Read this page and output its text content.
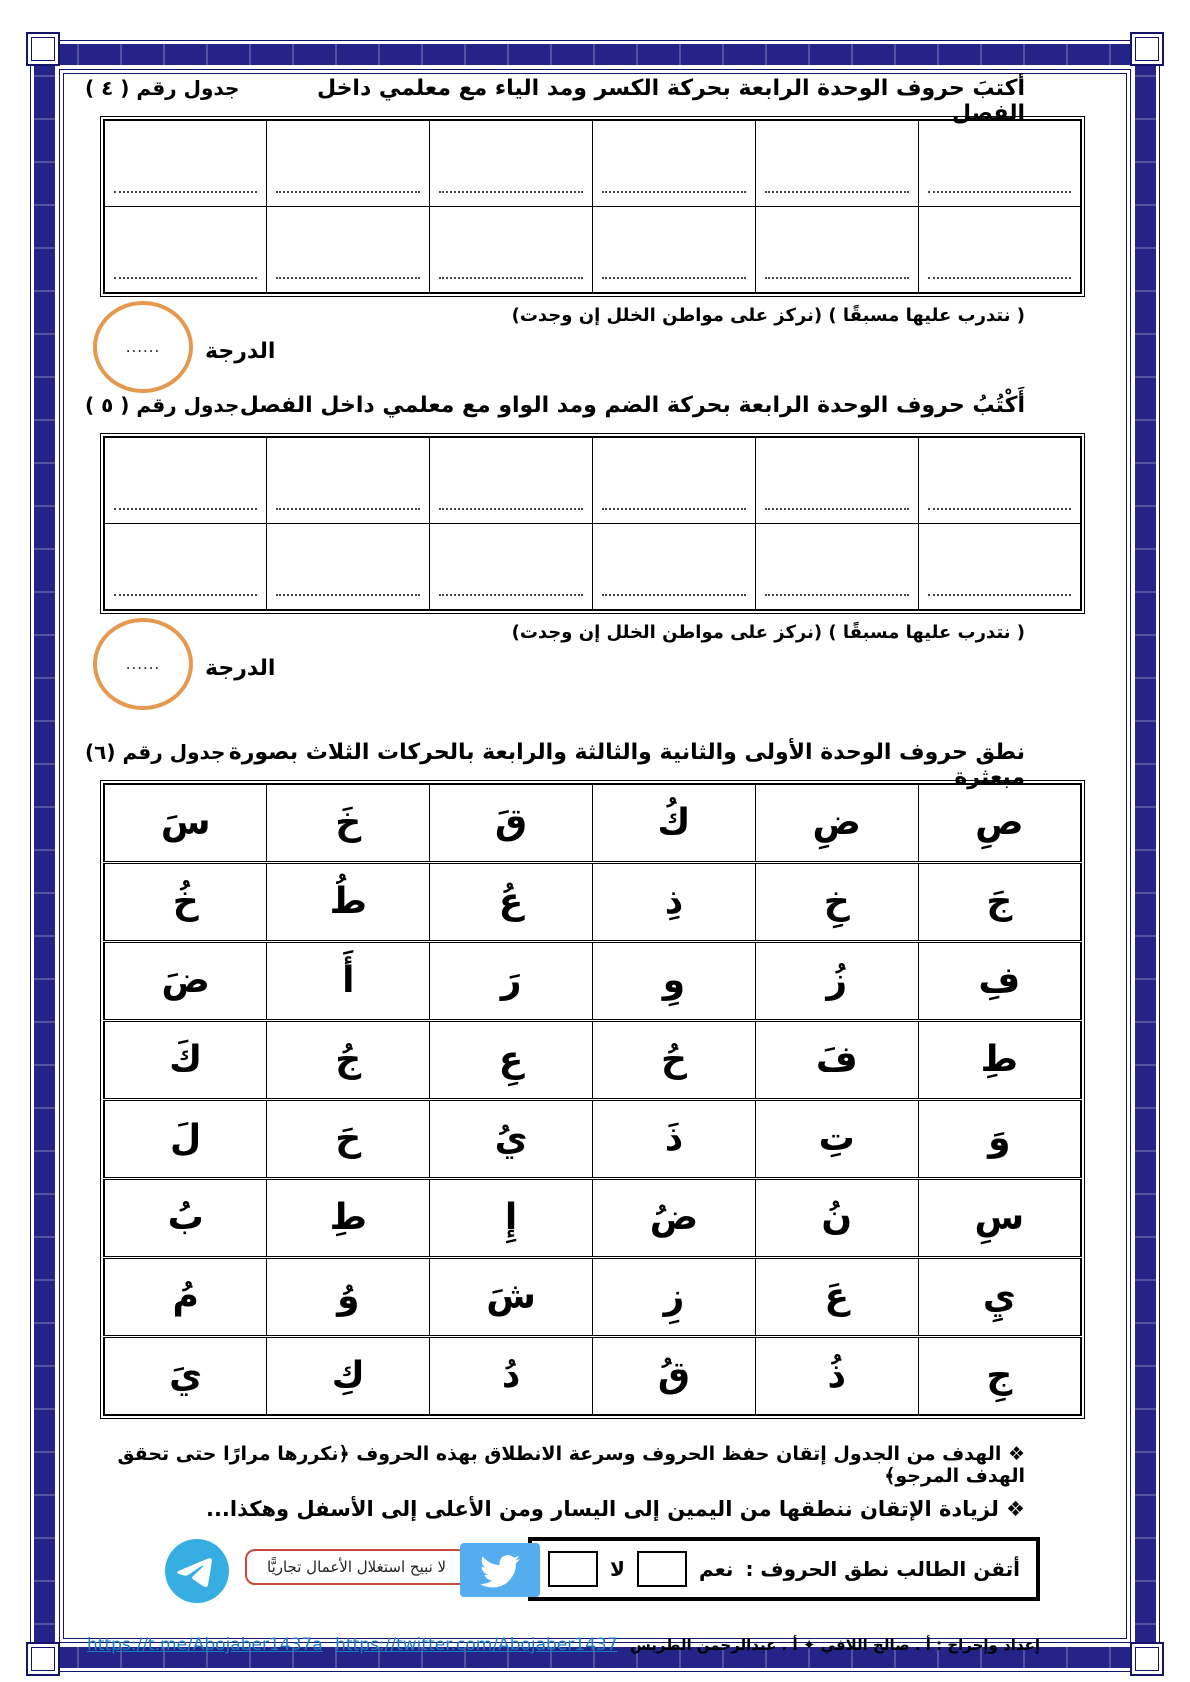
أكتبَ حروف الوحدة الرابعة بحركة الكسر ومد الياء مع معلمي داخل الفصل
جدول رقم ( ٤ )

( نتدرب عليها مسبقًا ) (نركز على مواطن الخلل إن وجدت)
...... الدرجة
أَكْتُبُ حروف الوحدة الرابعة بحركة الضم ومد الواو مع معلمي داخل الفصل
جدول رقم ( ٥ )

( نتدرب عليها مسبقًا ) (نركز على مواطن الخلل إن وجدت)
...... الدرجة
نطق حروف الوحدة الأولى والثانية والثالثة والرابعة بالحركات الثلاث بصورة مبعثرة
جدول رقم (٦)
صِ	ضِ	كُ	قَ	خَ	سَ
جَ	خِ	ذِ	عُ	طُ	خُ
فِ	زُ	وِ	رَ	أَ	ضَ
طِ	فَ	حُ	عِ	جُ	كَ
وَ	تِ	ذَ	يُ	حَ	لَ
سِ	نُ	ضُ	إِ	طِ	بُ
يِ	عَ	زِ	شَ	وُ	مُ
جِ	ذُ	قُ	دُ	كِ	يَ
❖ الهدف من الجدول إتقان حفظ الحروف وسرعة الانطلاق بهذه الحروف ﴿نكررها مرارًا حتى تحقق الهدف المرجو﴾
❖ لزيادة الإتقان ننطقها من اليمين إلى اليسار ومن الأعلى إلى الأسفل وهكذا...
أتقن الطالب نطق الحروف :
نعم
لا
لا نبيح استغلال الأعمال تجاريًّا
https://t.me/Abojaber1437a https://twitter.com/Abojaber1437 إعداد وإخراج : أ . صالح اللافي ✦ أ . عبدالرحمن الطريس
